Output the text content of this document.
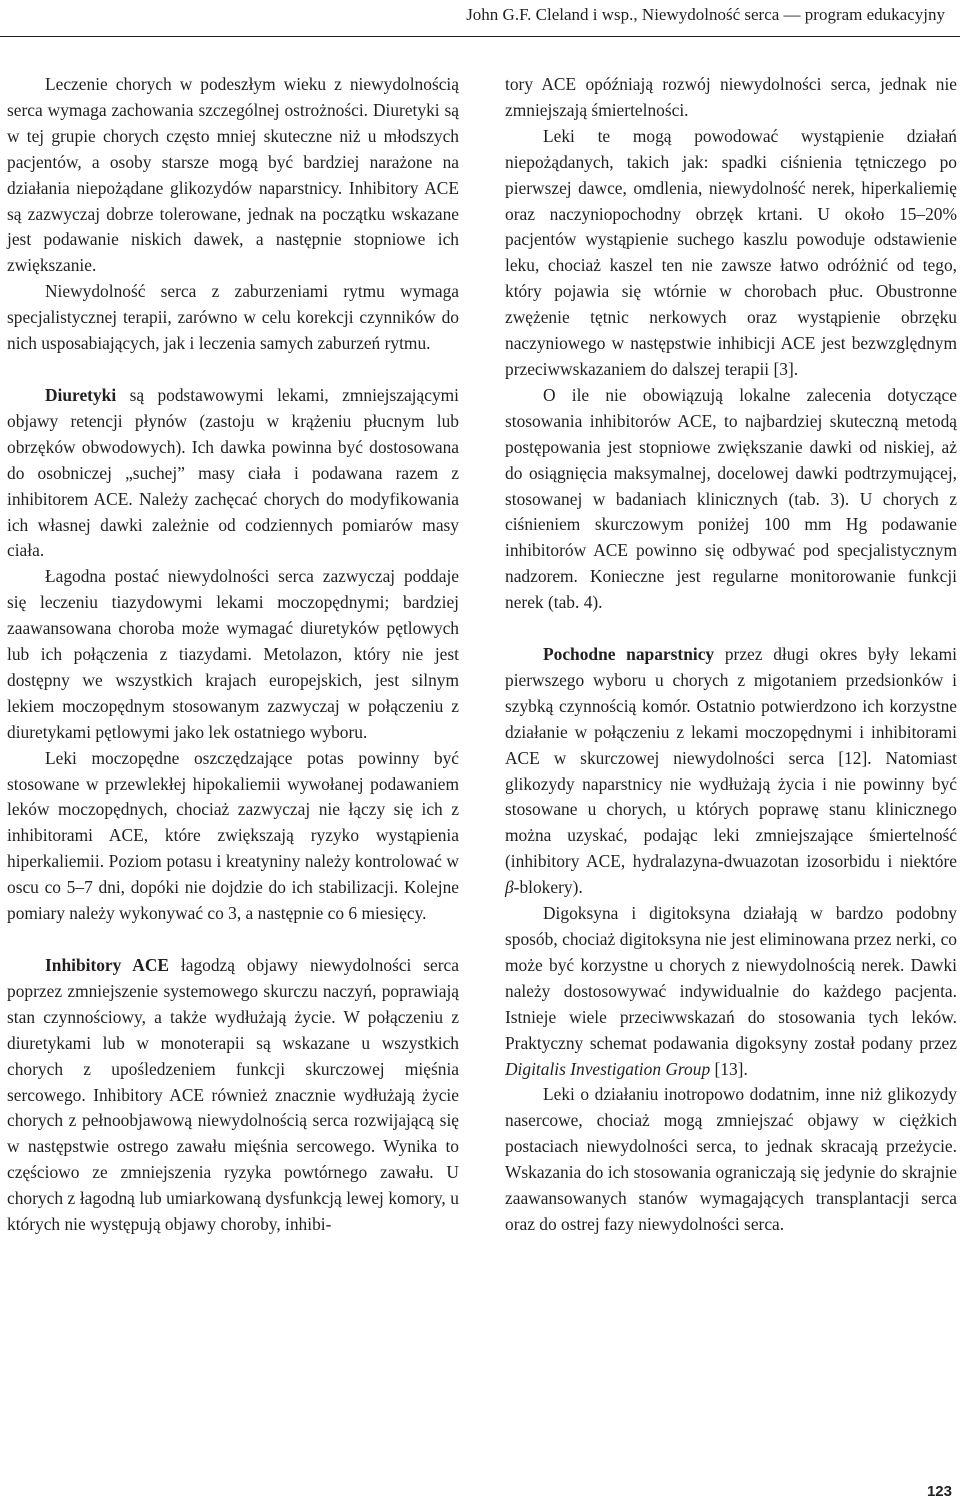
John G.F. Cleland i wsp., Niewydolność serca — program edukacyjny

Leczenie chorych w podeszłym wieku z niewydolnością serca wymaga zachowania szczególnej ostrożności. Diuretyki są w tej grupie chorych często mniej skuteczne niż u młodszych pacjentów, a osoby starsze mogą być bardziej narażone na działania niepożądane glikozydów naparstnicy. Inhibitory ACE są zazwyczaj dobrze tolerowane, jednak na początku wskazane jest podawanie niskich dawek, a następnie stopniowe ich zwiększanie.

Niewydolność serca z zaburzeniami rytmu wymaga specjalistycznej terapii, zarówno w celu korekcji czynników do nich usposabiających, jak i leczenia samych zaburzeń rytmu.

Diuretyki są podstawowymi lekami, zmniejszającymi objawy retencji płynów (zastoju w krążeniu płucnym lub obrzęków obwodowych). Ich dawka powinna być dostosowana do osobniczej „suchej” masy ciała i podawana razem z inhibitorem ACE. Należy zachęcać chorych do modyfikowania ich własnej dawki zależnie od codziennych pomiarów masy ciała.

Łagodna postać niewydolności serca zazwyczaj poddaje się leczeniu tiazydowymi lekami moczopędnymi; bardziej zaawansowana choroba może wymagać diuretyków pętlowych lub ich połączenia z tiazydami. Metolazon, który nie jest dostępny we wszystkich krajach europejskich, jest silnym lekiem moczopędnym stosowanym zazwyczaj w połączeniu z diuretykami pętlowymi jako lek ostatniego wyboru.

Leki moczopędne oszczędzające potas powinny być stosowane w przewlekłej hipokaliemii wywołanej podawaniem leków moczopędnych, chociaż zazwyczaj nie łączy się ich z inhibitorami ACE, które zwiększają ryzyko wystąpienia hiperkaliemii. Poziom potasu i kreatyniny należy kontrolować w oscu co 5–7 dni, dopóki nie dojdzie do ich stabilizacji. Kolejne pomiary należy wykonywać co 3, a następnie co 6 miesięcy.

Inhibitory ACE łagodzą objawy niewydolności serca poprzez zmniejszenie systemowego skurczu naczyń, poprawiają stan czynnościowy, a także wydłużają życie. W połączeniu z diuretykami lub w monoterapii są wskazane u wszystkich chorych z upośledzeniem funkcji skurczowej mięśnia sercowego. Inhibitory ACE również znacznie wydłużają życie chorych z pełnoobjawową niewydolnością serca rozwijającą się w następstwie ostrego zawału mięśnia sercowego. Wynika to częściowo ze zmniejszenia ryzyka powtórnego zawału. U chorych z łagodną lub umiarkowaną dysfunkcją lewej komory, u których nie występują objawy choroby, inhibi-

tory ACE opóźniają rozwój niewydolności serca, jednak nie zmniejszają śmiertelności.

Leki te mogą powodować wystąpienie działań niepożądanych, takich jak: spadki ciśnienia tętniczego po pierwszej dawce, omdlenia, niewydolność nerek, hiperkaliemię oraz naczyniopochodny obrzęk krtani. U około 15–20% pacjentów wystąpienie suchego kaszlu powoduje odstawienie leku, chociaż kaszel ten nie zawsze łatwo odróżnić od tego, który pojawia się wtórnie w chorobach płuc. Obustronne zwężenie tętnic nerkowych oraz wystąpienie obrzęku naczyniowego w następstwie inhibicji ACE jest bezwzględnym przeciwwskazaniem do dalszej terapii [3].

O ile nie obowiązują lokalne zalecenia dotyczące stosowania inhibitorów ACE, to najbardziej skuteczną metodą postępowania jest stopniowe zwiększanie dawki od niskiej, aż do osiągnięcia maksymalnej, docelowej dawki podtrzymującej, stosowanej w badaniach klinicznych (tab. 3). U chorych z ciśnieniem skurczowym poniżej 100 mm Hg podawanie inhibitorów ACE powinno się odbywać pod specjalistycznym nadzorem. Konieczne jest regularne monitorowanie funkcji nerek (tab. 4).

Pochodne naparstnicy przez długi okres były lekami pierwszego wyboru u chorych z migotaniem przedsionków i szybką czynnością komór. Ostatnio potwierdzono ich korzystne działanie w połączeniu z lekami moczopędnymi i inhibitorami ACE w skurczowej niewydolności serca [12]. Natomiast glikozydy naparstnicy nie wydłużają życia i nie powinny być stosowane u chorych, u których poprawę stanu klinicznego można uzyskać, podając leki zmniejszające śmiertelność (inhibitory ACE, hydralazyna-dwuazotan izosorbidu i niektóre β-blokery).

Digoksyna i digitoksyna działają w bardzo podobny sposób, chociaż digitoksyna nie jest eliminowana przez nerki, co może być korzystne u chorych z niewydolnością nerek. Dawki należy dostosowywać indywidualnie do każdego pacjenta. Istnieje wiele przeciwwskazań do stosowania tych leków. Praktyczny schemat podawania digoksyny został podany przez Digitalis Investigation Group [13].

Leki o działaniu inotropowo dodatnim, inne niż glikozydy nasercowe, chociaż mogą zmniejszać objawy w ciężkich postaciach niewydolności serca, to jednak skracają przeżycie. Wskazania do ich stosowania ograniczają się jedynie do skrajnie zaawansowanych stanów wymagających transplantacji serca oraz do ostrej fazy niewydolności serca.

123
